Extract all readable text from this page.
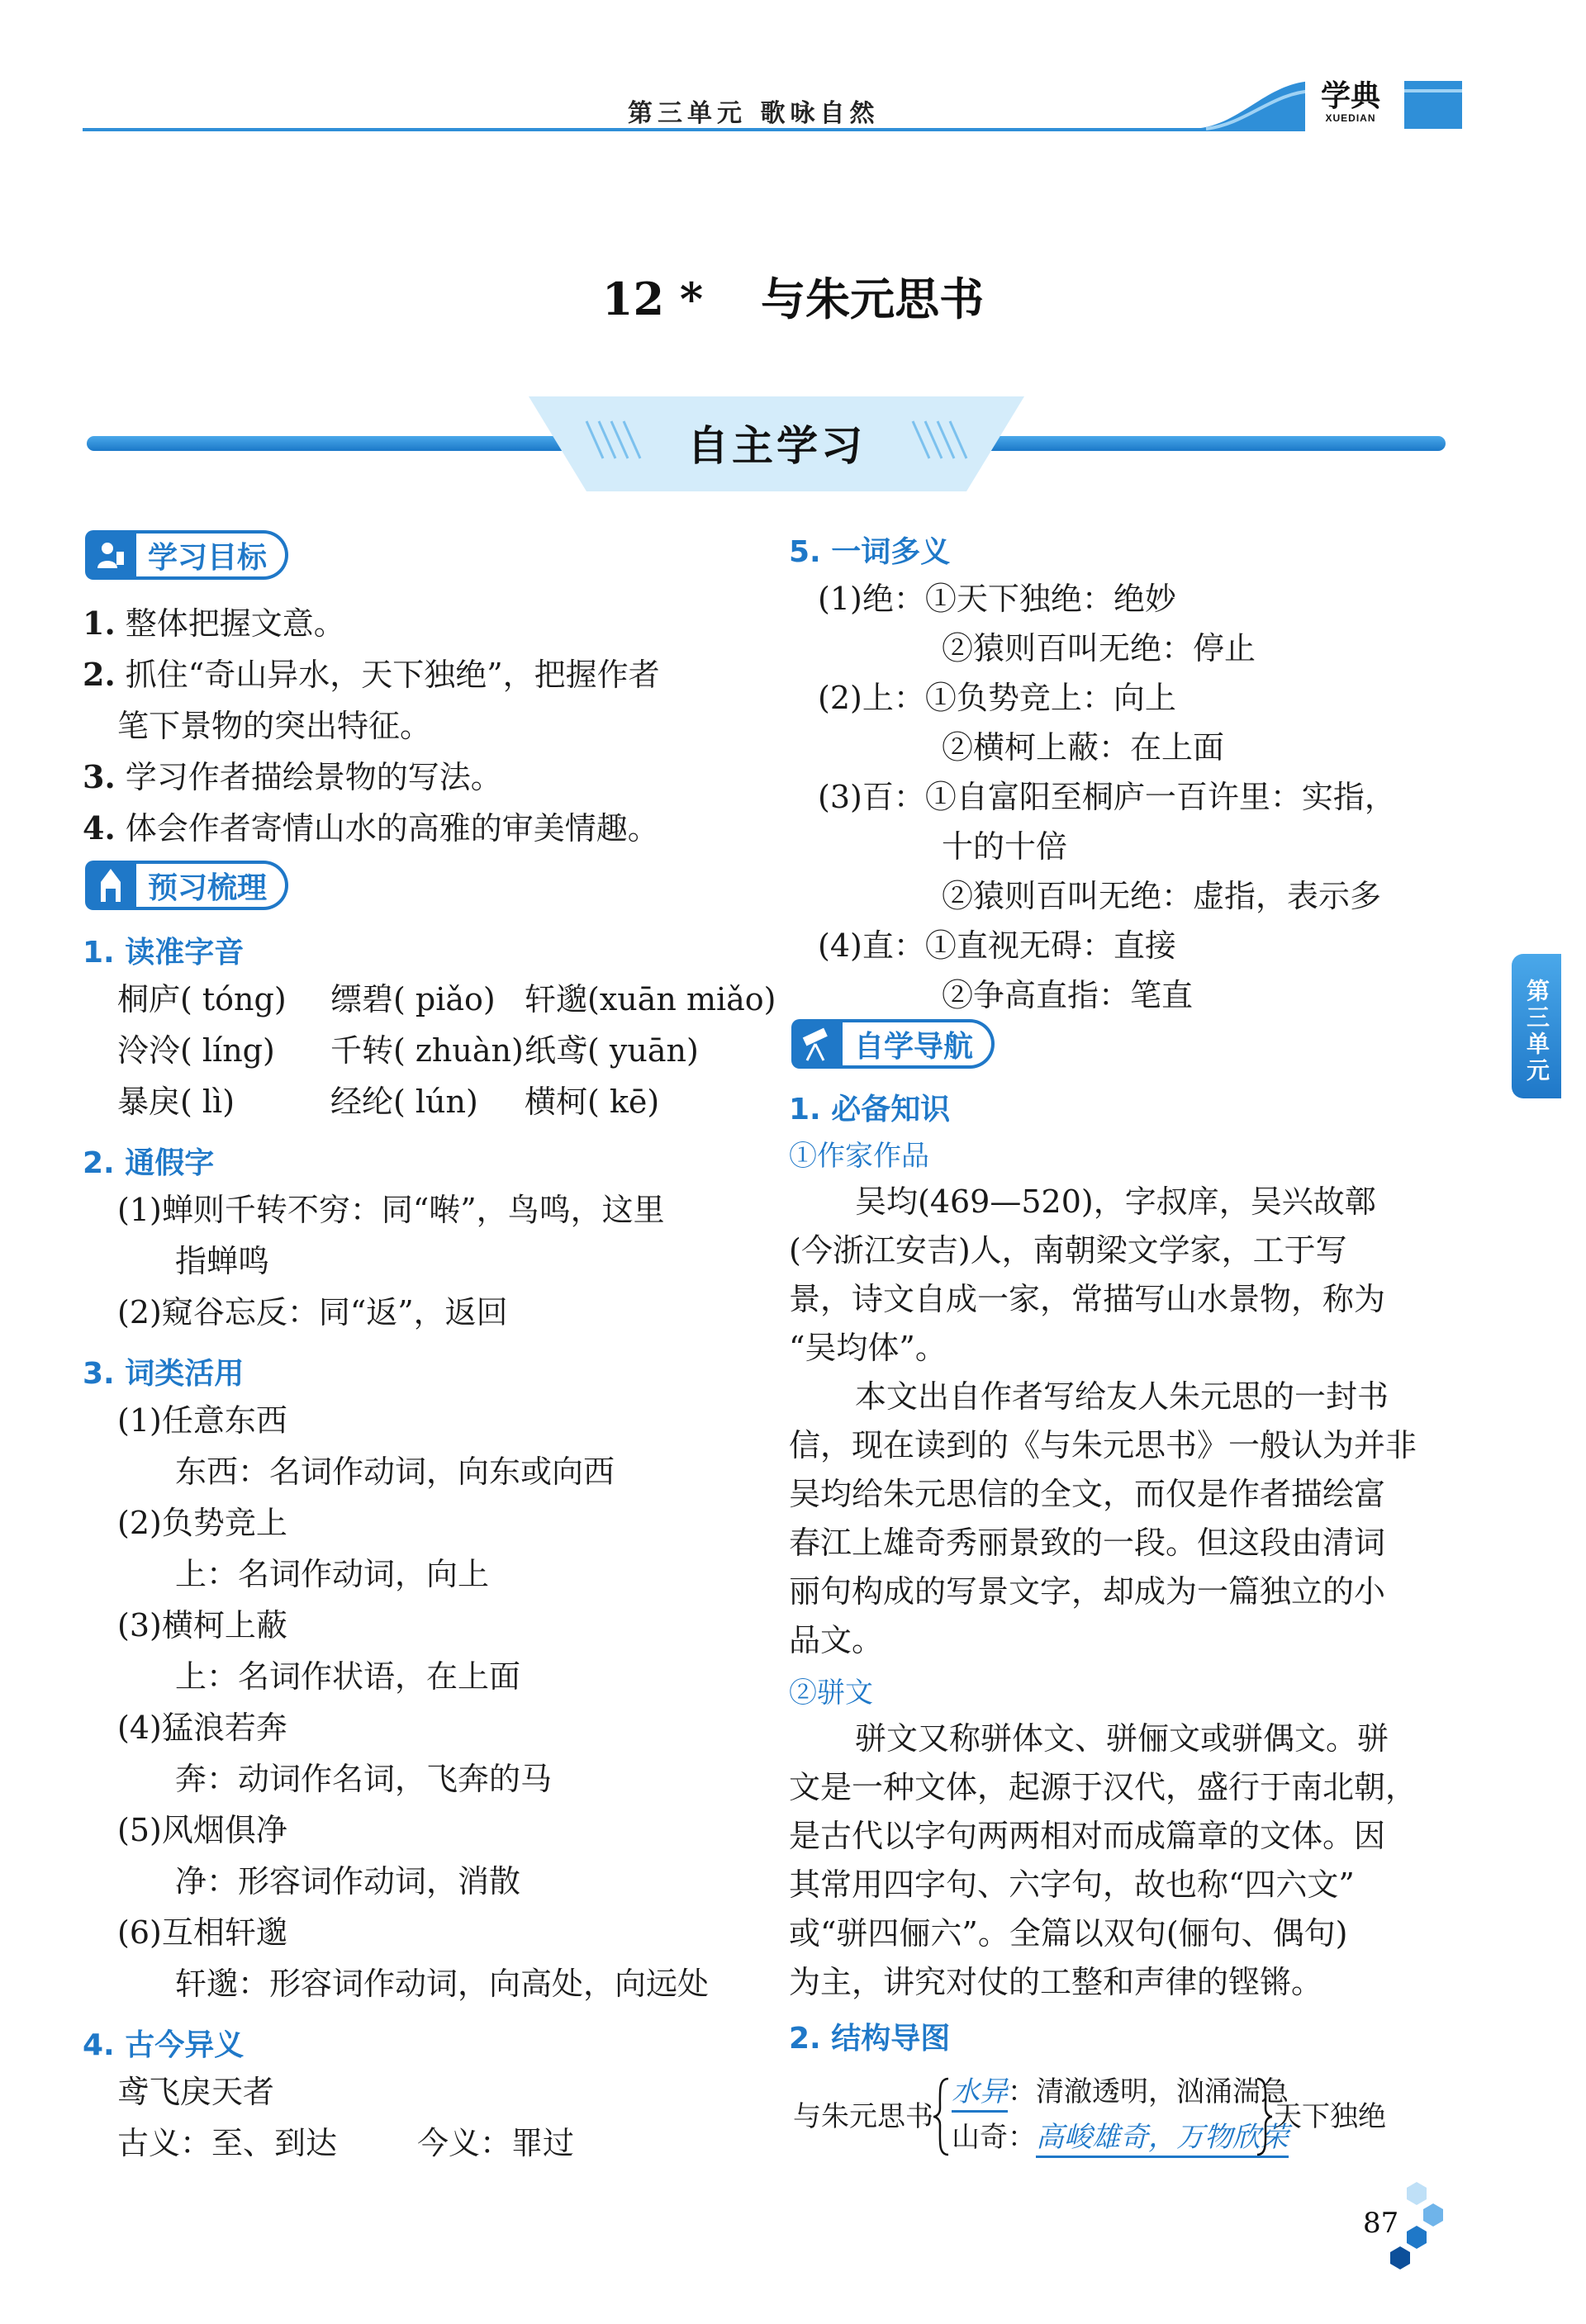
第三单元 歌咏自然
学典
XUEDIAN
12 * 与朱元思书
自主学习
第三单元
学习目标
1. 整体把握文意。
2. 抓住“奇山异水，天下独绝”，把握作者
笔下景物的突出特征。
3. 学习作者描绘景物的写法。
4. 体会作者寄情山水的高雅的审美情趣。
预习梳理
1. 读准字音
桐庐( tóng) 缥碧( piǎo) 轩邈(xuān miǎo)
泠泠( líng) 千转( zhuàn) 纸鸢( yuān)
暴戾( lì)	经纶( lún) 横柯( kē)
2. 通假字
(1)蝉则千转不穷：同“啭”，鸟鸣，这里
指蝉鸣
(2)窥谷忘反：同“返”，返回
3. 词类活用
(1)任意东西
东西：名词作动词，向东或向西
(2)负势竞上
上：名词作动词，向上
(3)横柯上蔽
上：名词作状语，在上面
(4)猛浪若奔
奔：动词作名词，飞奔的马
(5)风烟俱净
净：形容词作动词，消散
(6)互相轩邈
轩邈：形容词作动词，向高处，向远处
4. 古今异义
鸢飞戾天者
古义：至、到达	今义：罪过
5. 一词多义
(1)绝：①天下独绝：绝妙
②猿则百叫无绝：停止
(2)上：①负势竞上：向上
②横柯上蔽：在上面
(3)百：①自富阳至桐庐一百许里：实指，
十的十倍
②猿则百叫无绝：虚指，表示多
(4)直：①直视无碍：直接
②争高直指：笔直
自学导航
1. 必备知识
①作家作品
吴均(469—520)，字叔庠，吴兴故鄣
(今浙江安吉)人，南朝梁文学家，工于写
景，诗文自成一家，常描写山水景物，称为
“吴均体”。
本文出自作者写给友人朱元思的一封书
信，现在读到的《与朱元思书》一般认为并非
吴均给朱元思信的全文，而仅是作者描绘富
春江上雄奇秀丽景致的一段。但这段由清词
丽句构成的写景文字，却成为一篇独立的小
品文。
②骈文
骈文又称骈体文、骈俪文或骈偶文。骈
文是一种文体，起源于汉代，盛行于南北朝，
是古代以字句两两相对而成篇章的文体。因
其常用四字句、六字句，故也称“四六文”
或“骈四俪六”。全篇以双句(俪句、偶句)
为主，讲究对仗的工整和声律的铿锵。
2. 结构导图
与朱元思书
水异：清澈透明，汹涌湍急
山奇：高峻雄奇，万物欣荣
天下独绝
87
